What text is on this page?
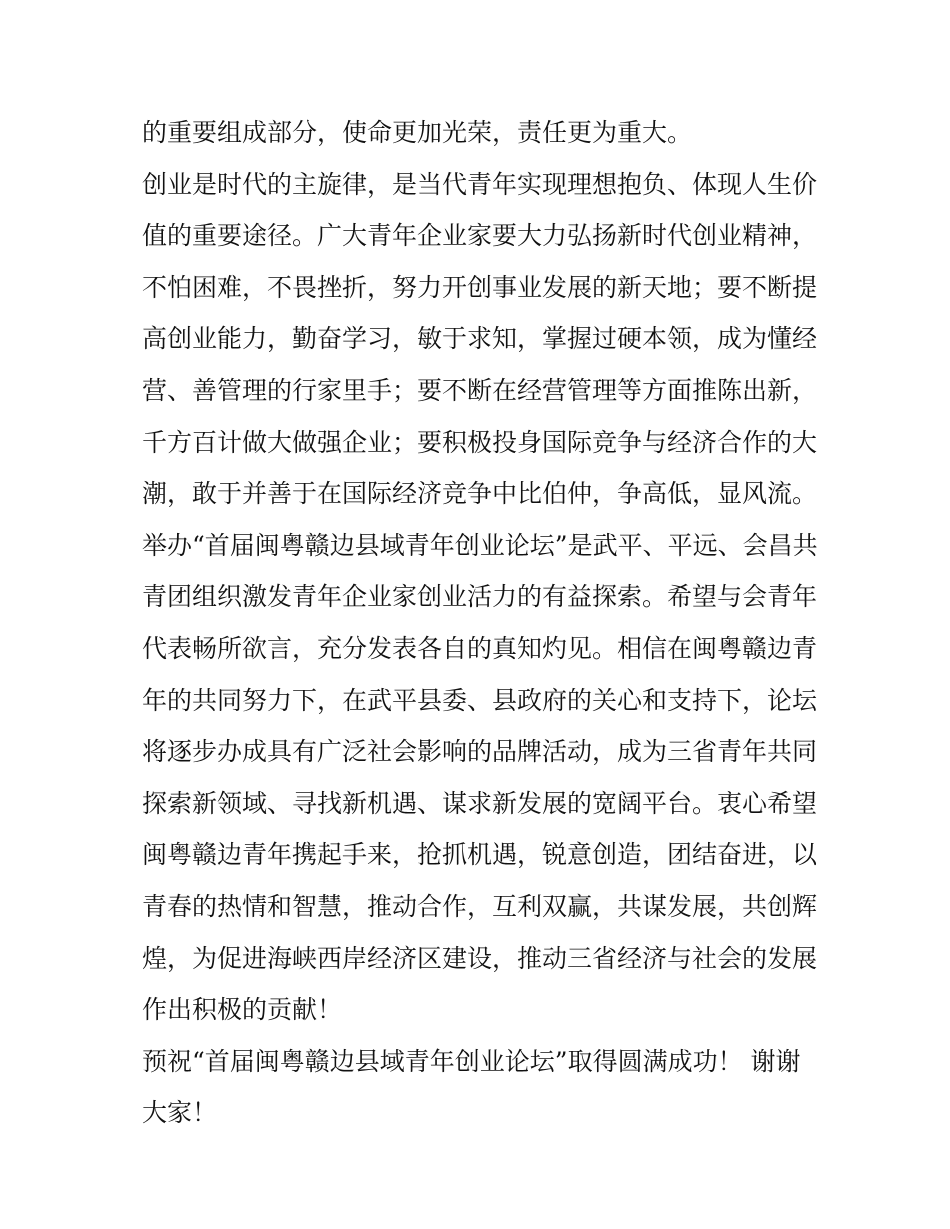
的重要组成部分，使命更加光荣，责任更为重大。
创业是时代的主旋律，是当代青年实现理想抱负、体现人生价
值的重要途径。广大青年企业家要大力弘扬新时代创业精神，
不怕困难，不畏挫折，努力开创事业发展的新天地；要不断提
高创业能力，勤奋学习，敏于求知，掌握过硬本领，成为懂经
营、善管理的行家里手；要不断在经营管理等方面推陈出新，
千方百计做大做强企业；要积极投身国际竞争与经济合作的大
潮，敢于并善于在国际经济竞争中比伯仲，争高低，显风流。
举办“首届闽粤赣边县域青年创业论坛”是武平、平远、会昌共
青团组织激发青年企业家创业活力的有益探索。希望与会青年
代表畅所欲言，充分发表各自的真知灼见。相信在闽粤赣边青
年的共同努力下，在武平县委、县政府的关心和支持下，论坛
将逐步办成具有广泛社会影响的品牌活动，成为三省青年共同
探索新领域、寻找新机遇、谋求新发展的宽阔平台。衷心希望
闽粤赣边青年携起手来，抢抓机遇，锐意创造，团结奋进，以
青春的热情和智慧，推动合作，互利双赢，共谋发展，共创辉
煌，为促进海峡西岸经济区建设，推动三省经济与社会的发展
作出积极的贡献！
预祝“首届闽粤赣边县域青年创业论坛”取得圆满成功！ 谢谢
大家！
